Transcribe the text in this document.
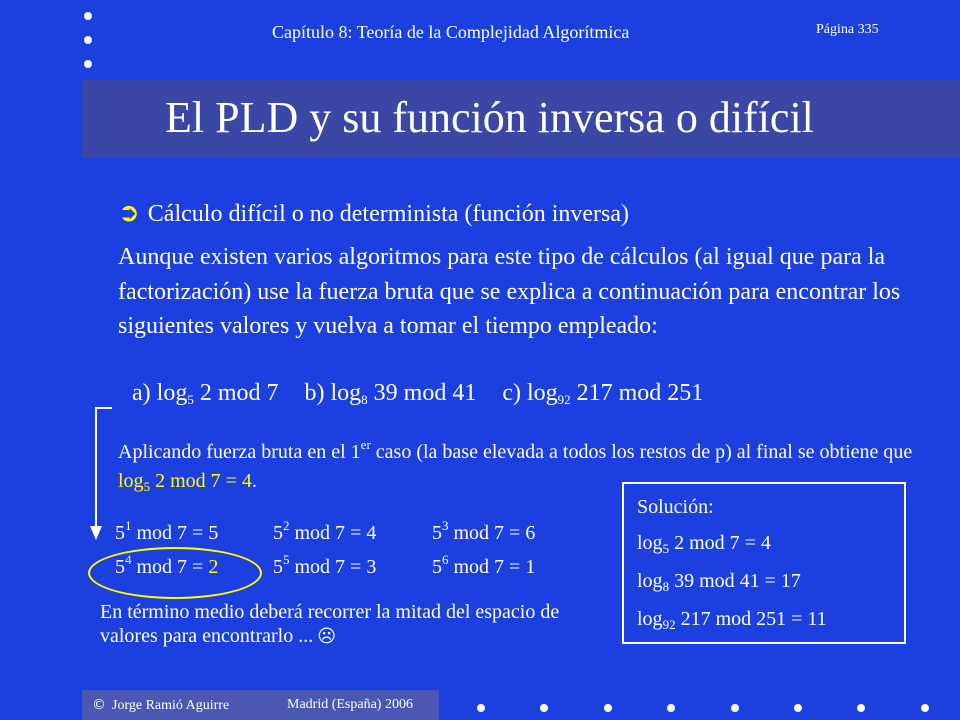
Capítulo 8: Teoría de la Complejidad Algorítmica	Página 335
El PLD y su función inversa o difícil
➲ Cálculo difícil o no determinista (función inversa)
Aunque existen varios algoritmos para este tipo de cálculos (al igual que para la factorización) use la fuerza bruta que se explica a continuación para encontrar los siguientes valores y vuelva a tomar el tiempo empleado:
a) $\log_5 2$ mod 7 b) $\log_8 39$ mod 41 c) $\log_{92} 217$ mod 251
Aplicando fuerza bruta en el 1er caso (la base elevada a todos los restos de p) al final se obtiene que $\log_5 2$ mod 7 = 4.
$5^1$ mod 7 = 5	$5^2$ mod 7 = 4	$5^3$ mod 7 = 6
$5^4$ mod 7 = 2	$5^5$ mod 7 = 3	$5^6$ mod 7 = 1
En término medio deberá recorrer la mitad del espacio de valores para encontrarlo ... ☹
Solución:
$\log_5 2$ mod 7 = 4
$\log_8 39$ mod 41 = 17
$\log_{92} 217$ mod 251 = 11
© Jorge Ramió Aguirre	Madrid (España) 2006
